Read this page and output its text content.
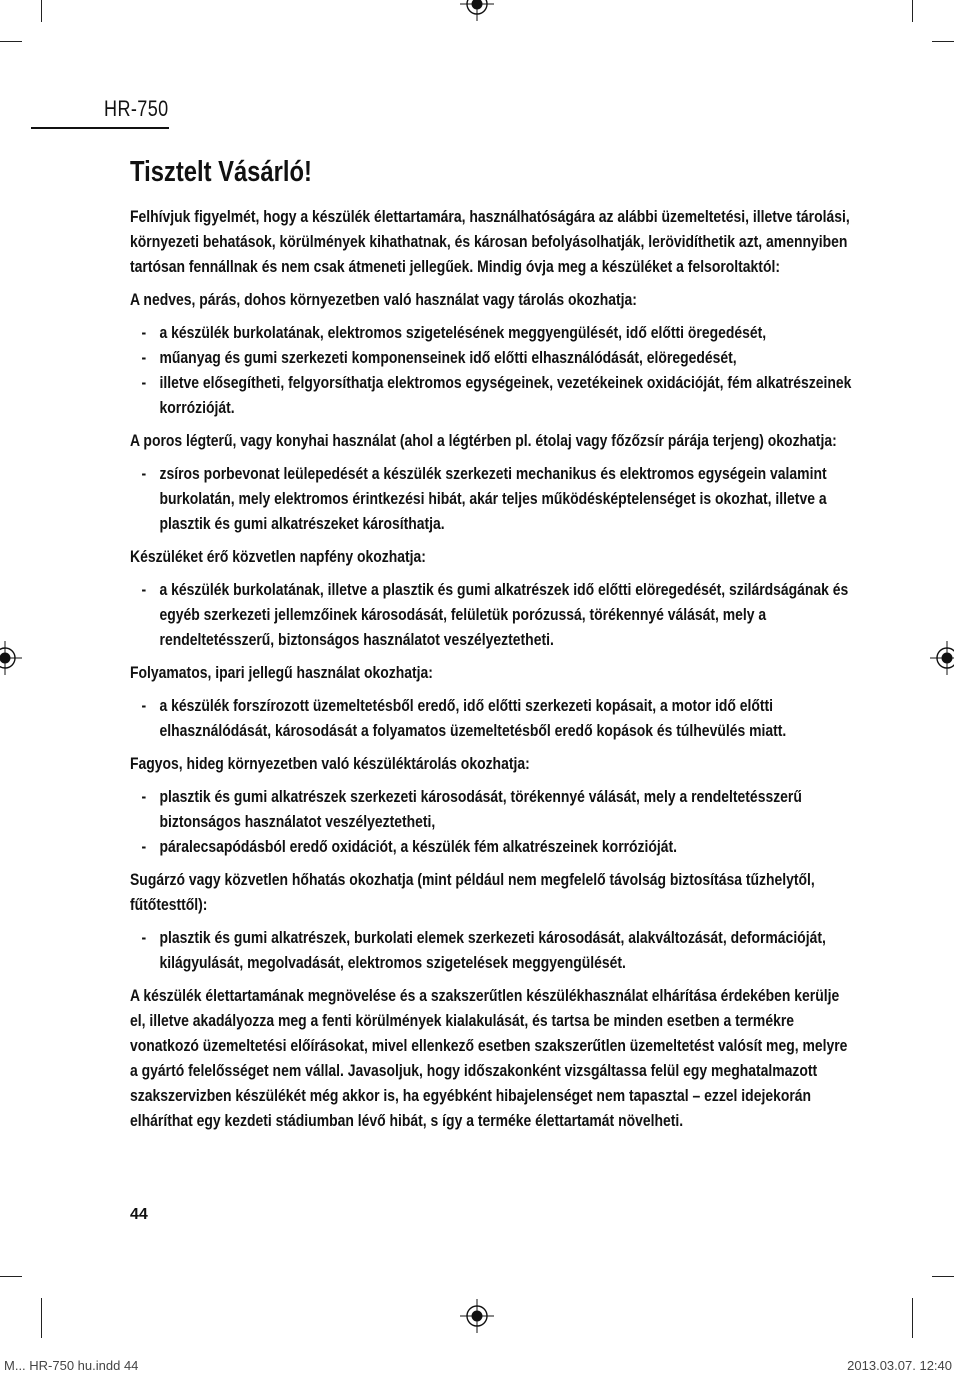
HR-750
Tisztelt Vásárló!

Felhívjuk figyelmét, hogy a készülék élettartamára, használhatóságára az alábbi üzemeltetési, illetve tárolási, környezeti behatások, körülmények kihathatnak, és károsan befolyásolhatják, lerövidíthetik azt, amennyiben tartósan fennállnak és nem csak átmeneti jellegűek. Mindig óvja meg a készüléket a felsoroltaktól:

A nedves, párás, dohos környezetben való használat vagy tárolás okozhatja:

- a készülék burkolatának, elektromos szigetelésének meggyengülését, idő előtti öregedését,
- műanyag és gumi szerkezeti komponenseinek idő előtti elhasználódását, elöregedését,
- illetve elősegítheti, felgyorsíthatja elektromos egységeinek, vezetékeinek oxidációját, fém alkatrészeinek korrózióját.

A poros légterű, vagy konyhai használat (ahol a légtérben pl. étolaj vagy főzőzsír párája terjeng) okozhatja:

- zsíros porbevonat leülepedését a készülék szerkezeti mechanikus és elektromos egységein valamint burkolatán, mely elektromos érintkezési hibát, akár teljes működésképtelenséget is okozhat, illetve a plasztik és gumi alkatrészeket károsíthatja.

Készüléket érő közvetlen napfény okozhatja:

- a készülék burkolatának, illetve a plasztik és gumi alkatrészek idő előtti elöregedését, szilárdságának és egyéb szerkezeti jellemzőinek károsodását, felületük porózussá, törékennyé válását, mely a rendeltetésszerű, biztonságos használatot veszélyeztetheti.

Folyamatos, ipari jellegű használat okozhatja:

- a készülék forszírozott üzemeltetésből eredő, idő előtti szerkezeti kopásait, a motor idő előtti elhasználódását, károsodását a folyamatos üzemeltetésből eredő kopások és túlhevülés miatt.

Fagyos, hideg környezetben való készüléktárolás okozhatja:

- plasztik és gumi alkatrészek szerkezeti károsodását, törékennyé válását, mely a rendeltetésszerű biztonságos használatot veszélyeztetheti,
- páralecsapódásból eredő oxidációt, a készülék fém alkatrészeinek korrózióját.

Sugárzó vagy közvetlen hőhatás okozhatja (mint például nem megfelelő távolság biztosítása tűzhelytől, fűtőtesttől):

- plasztik és gumi alkatrészek, burkolati elemek szerkezeti károsodását, alakváltozását, deformációját, kilágyulását, megolvadását, elektromos szigetelések meggyengülését.

A készülék élettartamának megnövelése és a szakszerűtlen készülékhasználat elhárítása érdekében kerülje el, illetve akadályozza meg a fenti körülmények kialakulását, és tartsa be minden esetben a termékre vonatkozó üzemeltetési előírásokat, mivel ellenkező esetben szakszerűtlen üzemeltetést valósít meg, melyre a gyártó felelősséget nem vállal. Javasoljuk, hogy időszakonként vizsgáltassa felül egy meghatalmazott szakszervizben készülékét még akkor is, ha egyébként hibajelenséget nem tapasztal – ezzel idejekorán elháríthat egy kezdeti stádiumban lévő hibát, s így a terméke élettartamát növelheti.

44
M... HR-750 hu.indd 44	2013.03.07. 12:40
